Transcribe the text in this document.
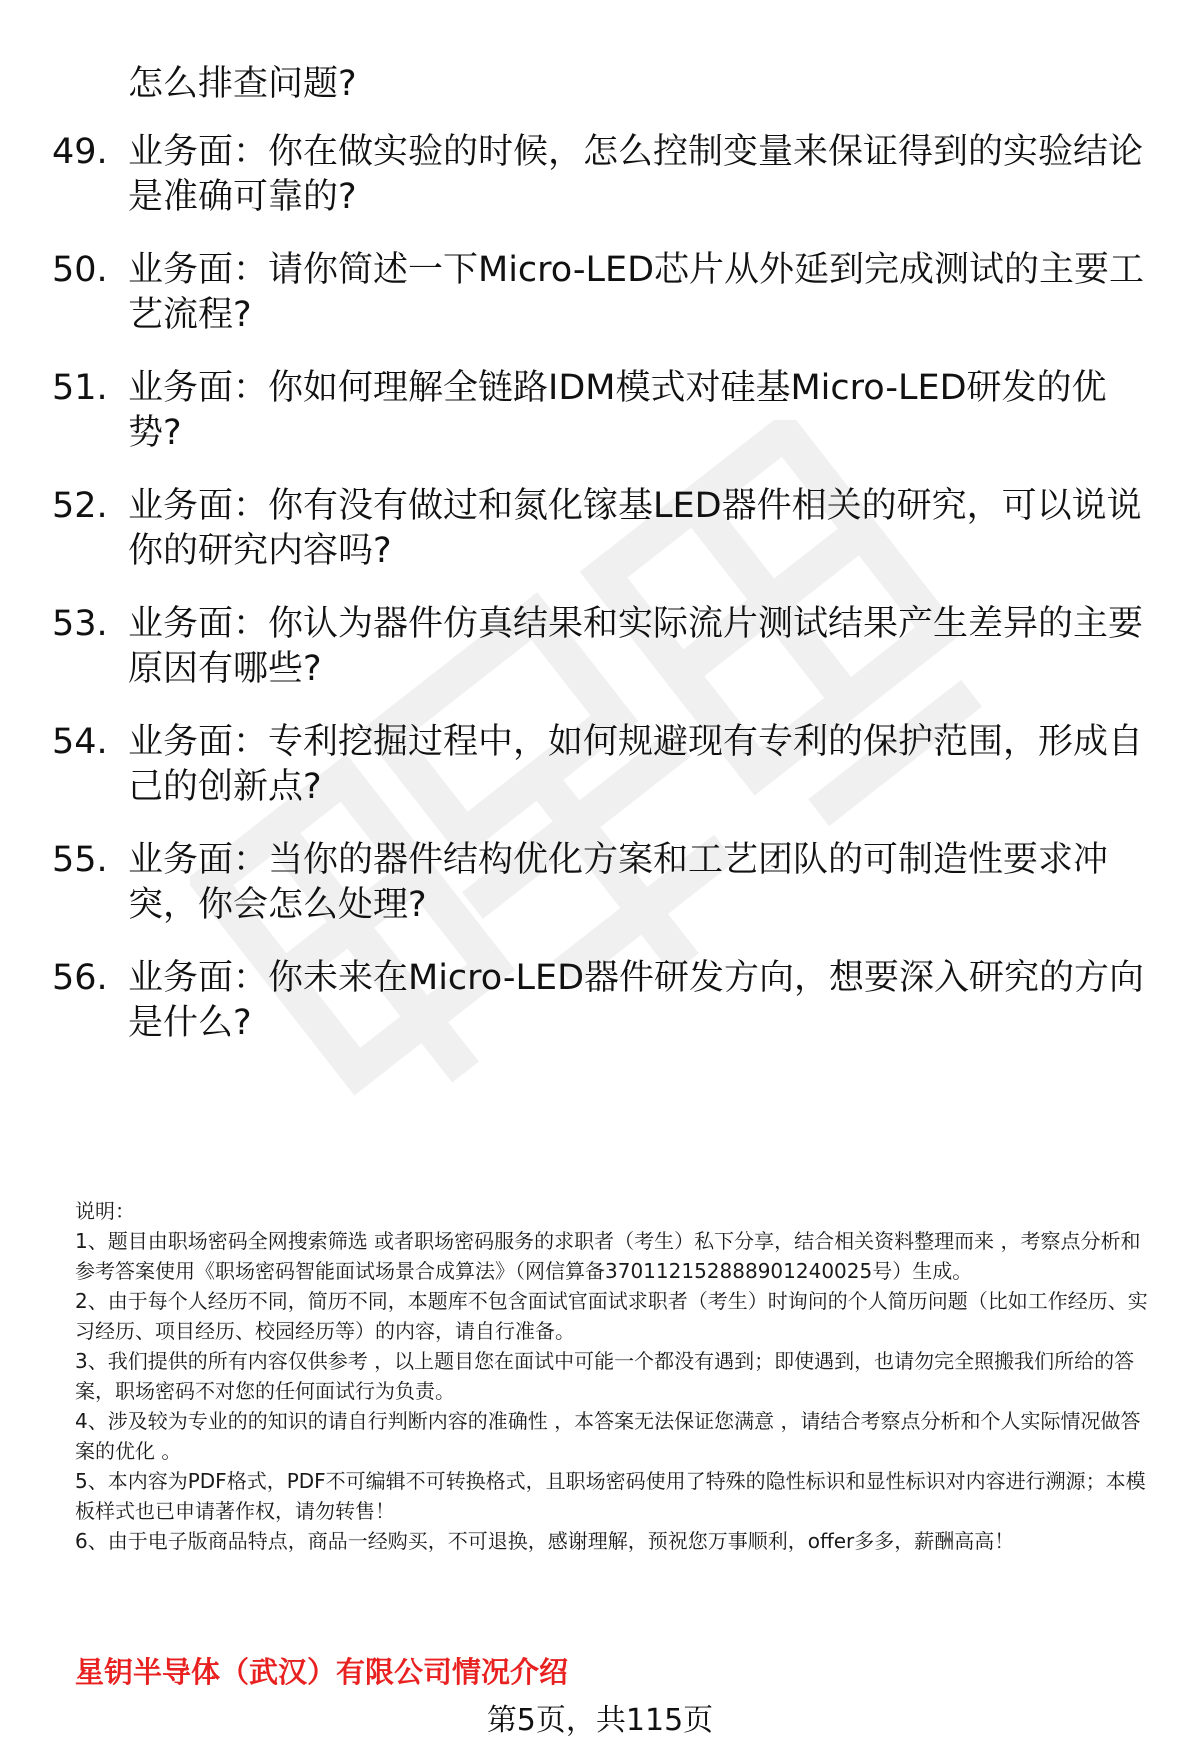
怎么排查问题?

49. 业务面：你在做实验的时候，怎么控制变量来保证得到的实验结论是准确可靠的?
50. 业务面：请你简述一下Micro-LED芯片从外延到完成测试的主要工艺流程?
51. 业务面：你如何理解全链路IDM模式对硅基Micro-LED研发的优势?
52. 业务面：你有没有做过和氮化镓基LED器件相关的研究，可以说说你的研究内容吗?
53. 业务面：你认为器件仿真结果和实际流片测试结果产生差异的主要原因有哪些?
54. 业务面：专利挖掘过程中，如何规避现有专利的保护范围，形成自己的创新点?
55. 业务面：当你的器件结构优化方案和工艺团队的可制造性要求冲突，你会怎么处理?
56. 业务面：你未来在Micro-LED器件研发方向，想要深入研究的方向是什么?

说明：

1、题目由职场密码全网搜索筛选 或者职场密码服务的求职者（考生）私下分享，结合相关资料整理而来 ，考察点分析和参考答案使用《职场密码智能面试场景合成算法》（网信算备370112152888901240025号）生成。

2、由于每个人经历不同，简历不同，本题库不包含面试官面试求职者（考生）时询问的个人简历问题（比如工作经历、实习经历、项目经历、校园经历等）的内容，请自行准备。

3、我们提供的所有内容仅供参考 ，以上题目您在面试中可能一个都没有遇到；即使遇到，也请勿完全照搬我们所给的答案，职场密码不对您的任何面试行为负责。

4、涉及较为专业的的知识的请自行判断内容的准确性 ，本答案无法保证您满意 ，请结合考察点分析和个人实际情况做答案的优化 。

5、本内容为PDF格式，PDF不可编辑不可转换格式，且职场密码使用了特殊的隐性标识和显性标识对内容进行溯源；本模板样式也已申请著作权，请勿转售！

6、由于电子版商品特点，商品一经购买，不可退换，感谢理解，预祝您万事顺利，offer多多，薪酬高高！

星钥半导体（武汉）有限公司情况介绍

第5页，共115页
